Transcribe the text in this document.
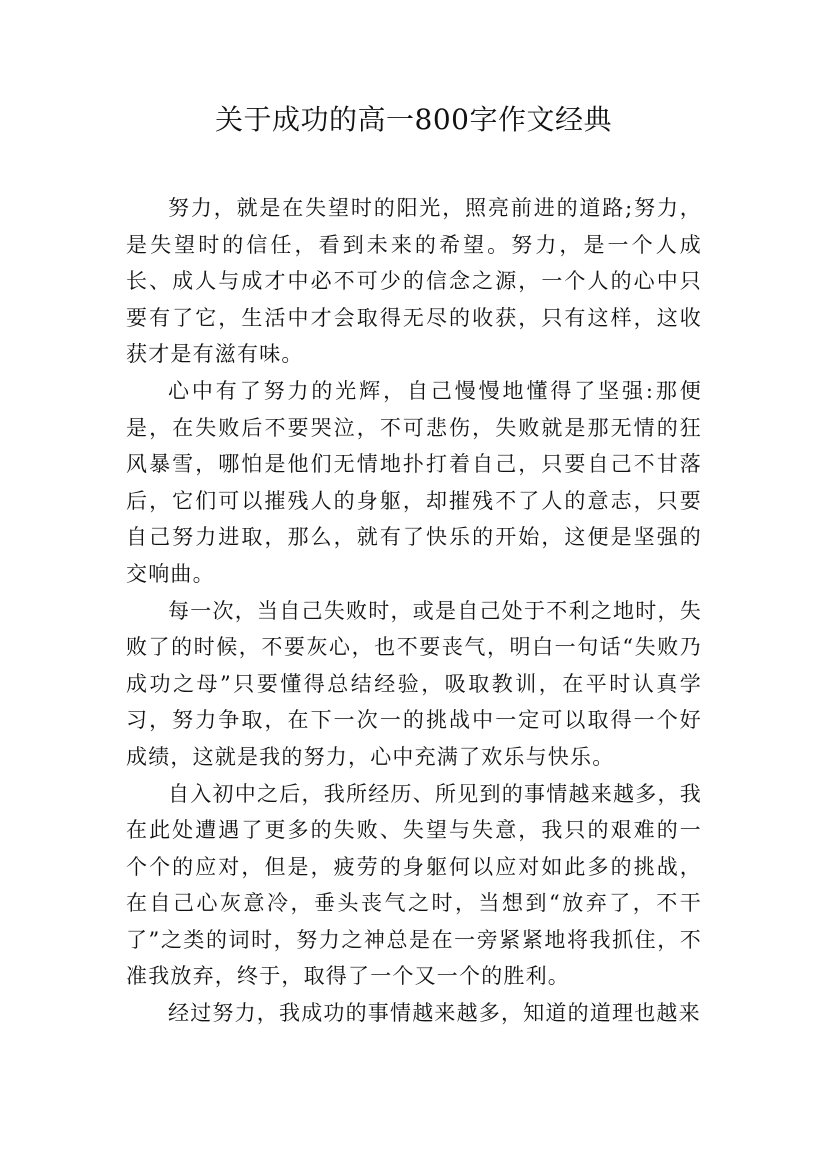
关于成功的高一800字作文经典

努力，就是在失望时的阳光，照亮前进的道路;努力，是失望时的信任，看到未来的希望。努力，是一个人成长、成人与成才中必不可少的信念之源，一个人的心中只要有了它，生活中才会取得无尽的收获，只有这样，这收获才是有滋有味。

心中有了努力的光辉，自己慢慢地懂得了坚强:那便是，在失败后不要哭泣，不可悲伤，失败就是那无情的狂风暴雪，哪怕是他们无情地扑打着自己，只要自己不甘落后，它们可以摧残人的身躯，却摧残不了人的意志，只要自己努力进取，那么，就有了快乐的开始，这便是坚强的交响曲。

每一次，当自己失败时，或是自己处于不利之地时，失败了的时候，不要灰心，也不要丧气，明白一句话“失败乃成功之母”只要懂得总结经验，吸取教训，在平时认真学习，努力争取，在下一次一的挑战中一定可以取得一个好成绩，这就是我的努力，心中充满了欢乐与快乐。

自入初中之后，我所经历、所见到的事情越来越多，我在此处遭遇了更多的失败、失望与失意，我只的艰难的一个个的应对，但是，疲劳的身躯何以应对如此多的挑战，在自己心灰意冷，垂头丧气之时，当想到“放弃了，不干了”之类的词时，努力之神总是在一旁紧紧地将我抓住，不准我放弃，终于，取得了一个又一个的胜利。

经过努力，我成功的事情越来越多，知道的道理也越来
